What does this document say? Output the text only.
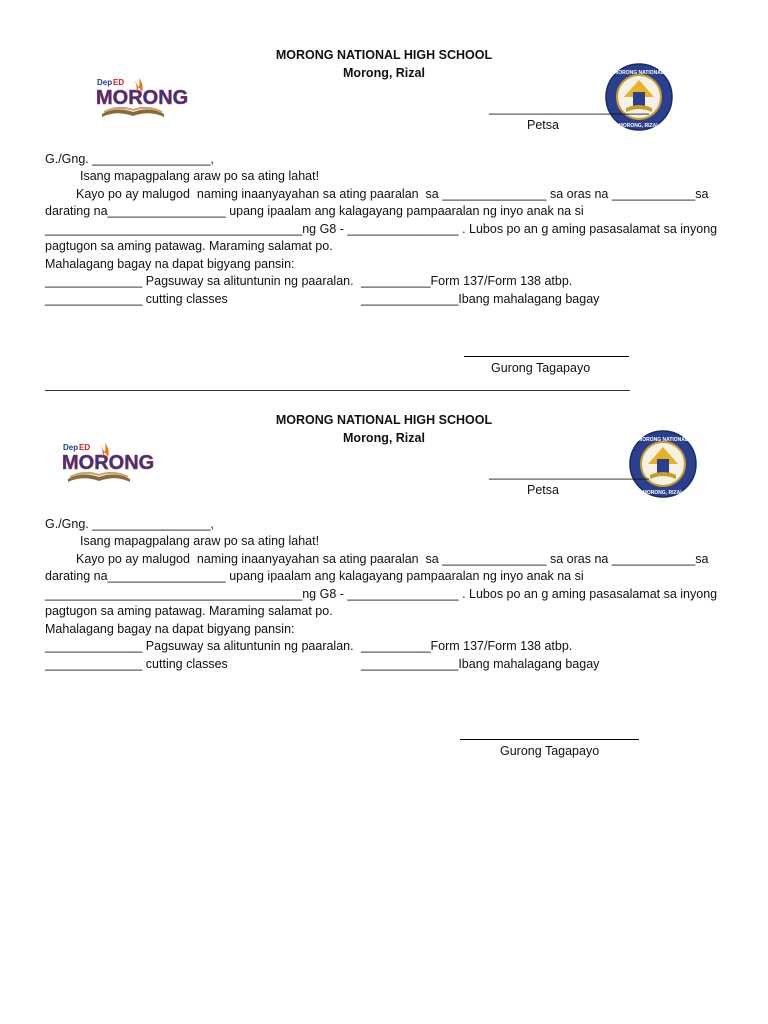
Dep ED
MORONG

MORONG NATIONAL HIGH SCHOOL
Morong, Rizal

	MORONG NATIONAL
MORONG, RIZAL

_______________________
Petsa
G./Gng. _________________,
Isang mapagpalang araw po sa ating lahat!
Kayo po ay malugod  naming inaanyayahan sa ating paaralan  sa _______________ sa oras na ____________sa
darating na_________________ upang ipaalam ang kalagayang pampaaralan ng inyo anak na si
_____________________________________ng G8 - ________________ . Lubos po an g aming pasasalamat sa inyong
pagtugon sa aming patawag. Maraming salamat po.
Mahalagang bagay na dapat bigyang pansin:
______________ Pagsuway sa alituntunin ng paaralan. __________Form 137/Form 138 atbp.
______________ cutting classes	______________Ibang mahalagang bagay
Gurong Tagapayo

Dep ED
MORONG

MORONG NATIONAL HIGH SCHOOL
Morong, Rizal

	MORONG NATIONAL
MORONG, RIZAL

_______________________
Petsa
G./Gng. _________________,
Isang mapagpalang araw po sa ating lahat!
Kayo po ay malugod  naming inaanyayahan sa ating paaralan  sa _______________ sa oras na ____________sa
darating na_________________ upang ipaalam ang kalagayang pampaaralan ng inyo anak na si
_____________________________________ng G8 - ________________ . Lubos po an g aming pasasalamat sa inyong
pagtugon sa aming patawag. Maraming salamat po.
Mahalagang bagay na dapat bigyang pansin:
______________ Pagsuway sa alituntunin ng paaralan. __________Form 137/Form 138 atbp.
______________ cutting classes	______________Ibang mahalagang bagay
Gurong Tagapayo
